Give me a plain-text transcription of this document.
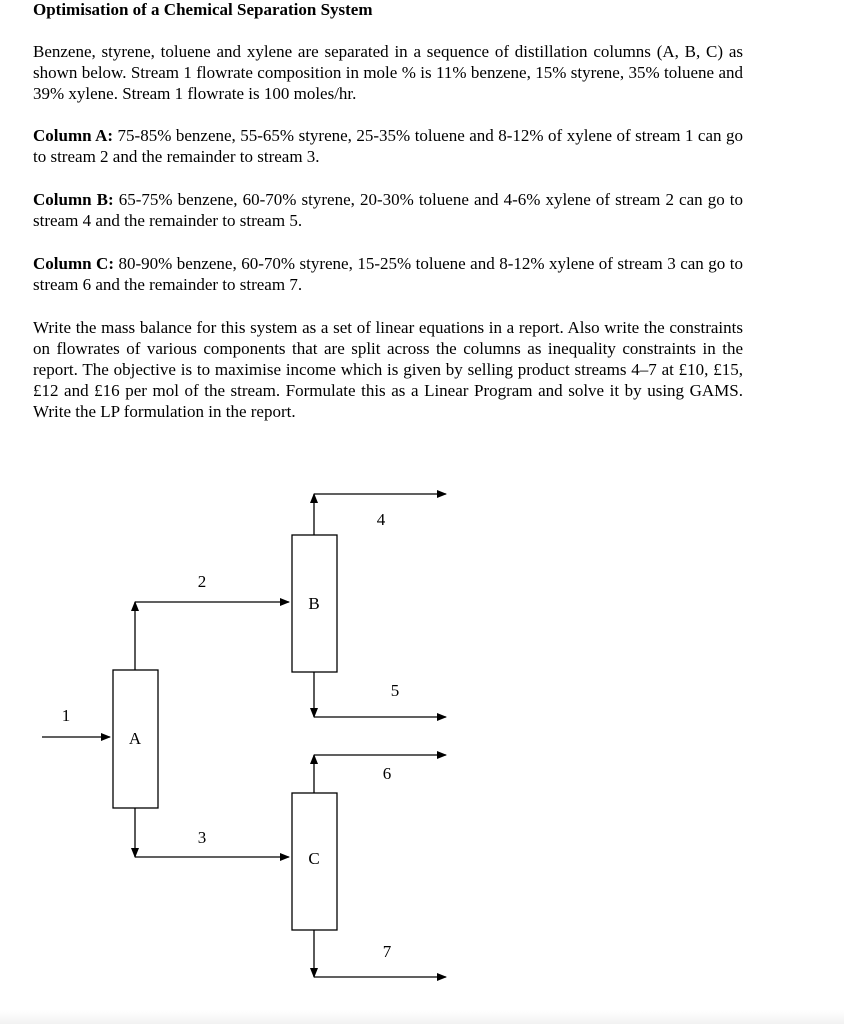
Optimisation of a Chemical Separation System

Benzene, styrene, toluene and xylene are separated in a sequence of distillation columns (A, B, C) as shown below. Stream 1 flowrate composition in mole % is 11% benzene, 15% styrene, 35% toluene and 39% xylene. Stream 1 flowrate is 100 moles/hr.

Column A: 75-85% benzene, 55-65% styrene, 25-35% toluene and 8-12% of xylene of stream 1 can go to stream 2 and the remainder to stream 3.

Column B: 65-75% benzene, 60-70% styrene, 20-30% toluene and 4-6% xylene of stream 2 can go to stream 4 and the remainder to stream 5.

Column C: 80-90% benzene, 60-70% styrene, 15-25% toluene and 8-12% xylene of stream 3 can go to stream 6 and the remainder to stream 7.

Write the mass balance for this system as a set of linear equations in a report. Also write the constraints on flowrates of various components that are split across the columns as inequality constraints in the report. The objective is to maximise income which is given by selling product streams 4–7 at £10, £15, £12 and £16 per mol of the stream. Formulate this as a Linear Program and solve it by using GAMS. Write the LP formulation in the report.

A
B
C
1
2
3
4
5
6
7
